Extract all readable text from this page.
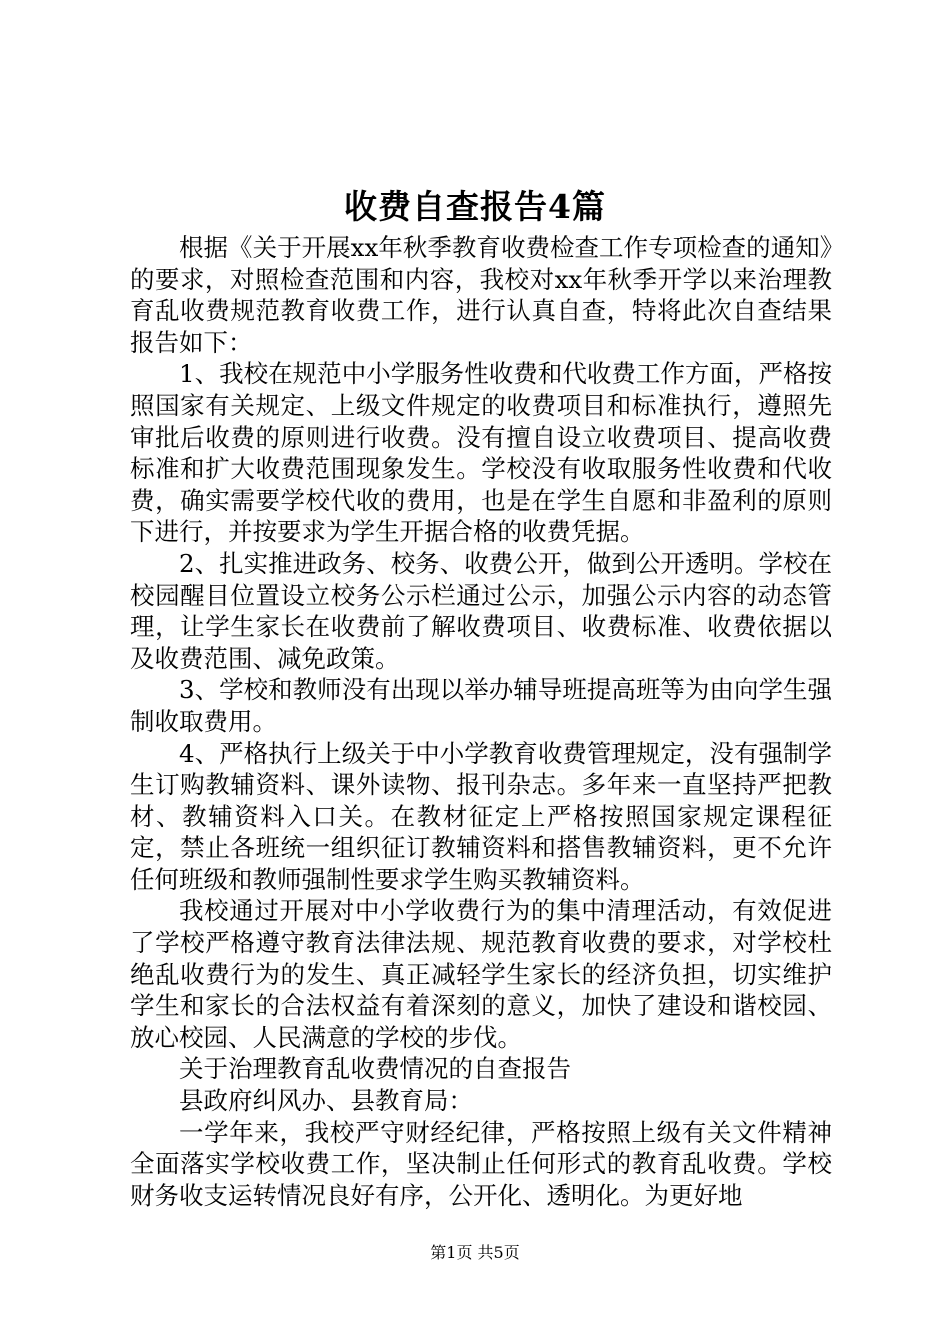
收费自查报告4篇

根据《关于开展xx年秋季教育收费检查工作专项检查的通知》的要求，对照检查范围和内容，我校对xx年秋季开学以来治理教育乱收费规范教育收费工作，进行认真自查，特将此次自查结果报告如下：

1、我校在规范中小学服务性收费和代收费工作方面，严格按照国家有关规定、上级文件规定的收费项目和标准执行，遵照先审批后收费的原则进行收费。没有擅自设立收费项目、提高收费标准和扩大收费范围现象发生。学校没有收取服务性收费和代收费，确实需要学校代收的费用，也是在学生自愿和非盈利的原则下进行，并按要求为学生开据合格的收费凭据。

2、扎实推进政务、校务、收费公开，做到公开透明。学校在校园醒目位置设立校务公示栏通过公示，加强公示内容的动态管理，让学生家长在收费前了解收费项目、收费标准、收费依据以及收费范围、减免政策。

3、学校和教师没有出现以举办辅导班提高班等为由向学生强制收取费用。

4、严格执行上级关于中小学教育收费管理规定，没有强制学生订购教辅资料、课外读物、报刊杂志。多年来一直坚持严把教材、教辅资料入口关。在教材征定上严格按照国家规定课程征定，禁止各班统一组织征订教辅资料和搭售教辅资料，更不允许任何班级和教师强制性要求学生购买教辅资料。

我校通过开展对中小学收费行为的集中清理活动，有效促进了学校严格遵守教育法律法规、规范教育收费的要求，对学校杜绝乱收费行为的发生、真正减轻学生家长的经济负担，切实维护学生和家长的合法权益有着深刻的意义，加快了建设和谐校园、放心校园、人民满意的学校的步伐。

关于治理教育乱收费情况的自查报告

县政府纠风办、县教育局：

一学年来，我校严守财经纪律，严格按照上级有关文件精神全面落实学校收费工作，坚决制止任何形式的教育乱收费。学校财务收支运转情况良好有序，公开化、透明化。为更好地

第1页 共5页
